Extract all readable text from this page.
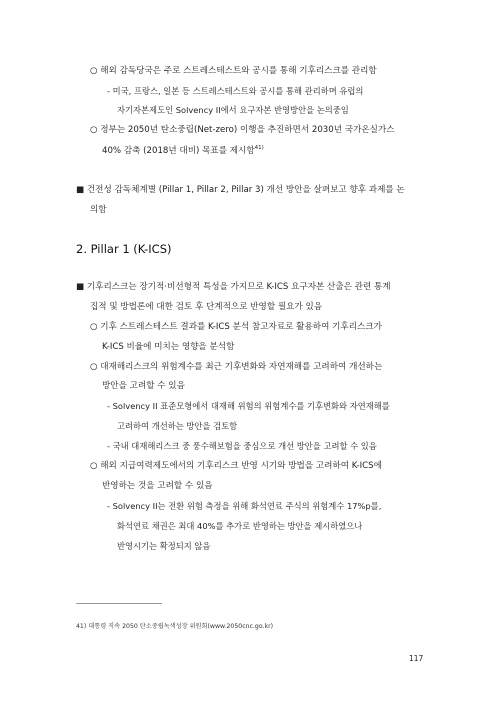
○ 해외 감독당국은 주로 스트레스테스트와 공시를 통해 기후리스크를 관리함
- 미국, 프랑스, 일본 등 스트레스테스트와 공시를 통해 관리하며 유럽의
자기자본제도인 Solvency II에서 요구자본 반영방안을 논의중임
○ 정부는 2050년 탄소중립(Net-zero) 이행을 추진하면서 2030년 국가온실가스
40% 감축 (2018년 대비) 목표를 제시함$^{41)}$
■ 건전성 감독체계별 (Pillar 1, Pillar 2, Pillar 3) 개선 방안을 살펴보고 향후 과제를 논
의함
2. Pillar 1 (K-ICS)
■ 기후리스크는 장기적·비선형적 특성을 가지므로 K-ICS 요구자본 산출은 관련 통계
집적 및 방법론에 대한 검토 후 단계적으로 반영할 필요가 있음
○ 기후 스트레스테스트 결과를 K-ICS 분석 참고자료로 활용하여 기후리스크가
K-ICS 비율에 미치는 영향을 분석함
○ 대재해리스크의 위험계수를 최근 기후변화와 자연재해를 고려하여 개선하는
방안을 고려할 수 있음
- Solvency II 표준모형에서 대재해 위험의 위험계수를 기후변화와 자연재해를
고려하여 개선하는 방안을 검토함
- 국내 대재해리스크 중 풍수해보험을 중심으로 개선 방안을 고려할 수 있음
○ 해외 지급여력제도에서의 기후리스크 반영 시기와 방법을 고려하여 K-ICS에
반영하는 것을 고려할 수 있음
- Solvency II는 전환 위험 측정을 위해 화석연료 주식의 위험계수 17%p를,
화석연료 채권은 최대 40%를 추가로 반영하는 방안을 제시하였으나
반영시기는 확정되지 않음
41) 대통령 직속 2050 탄소중립녹색성장 위원회(www.2050cnc.go.kr)
117
